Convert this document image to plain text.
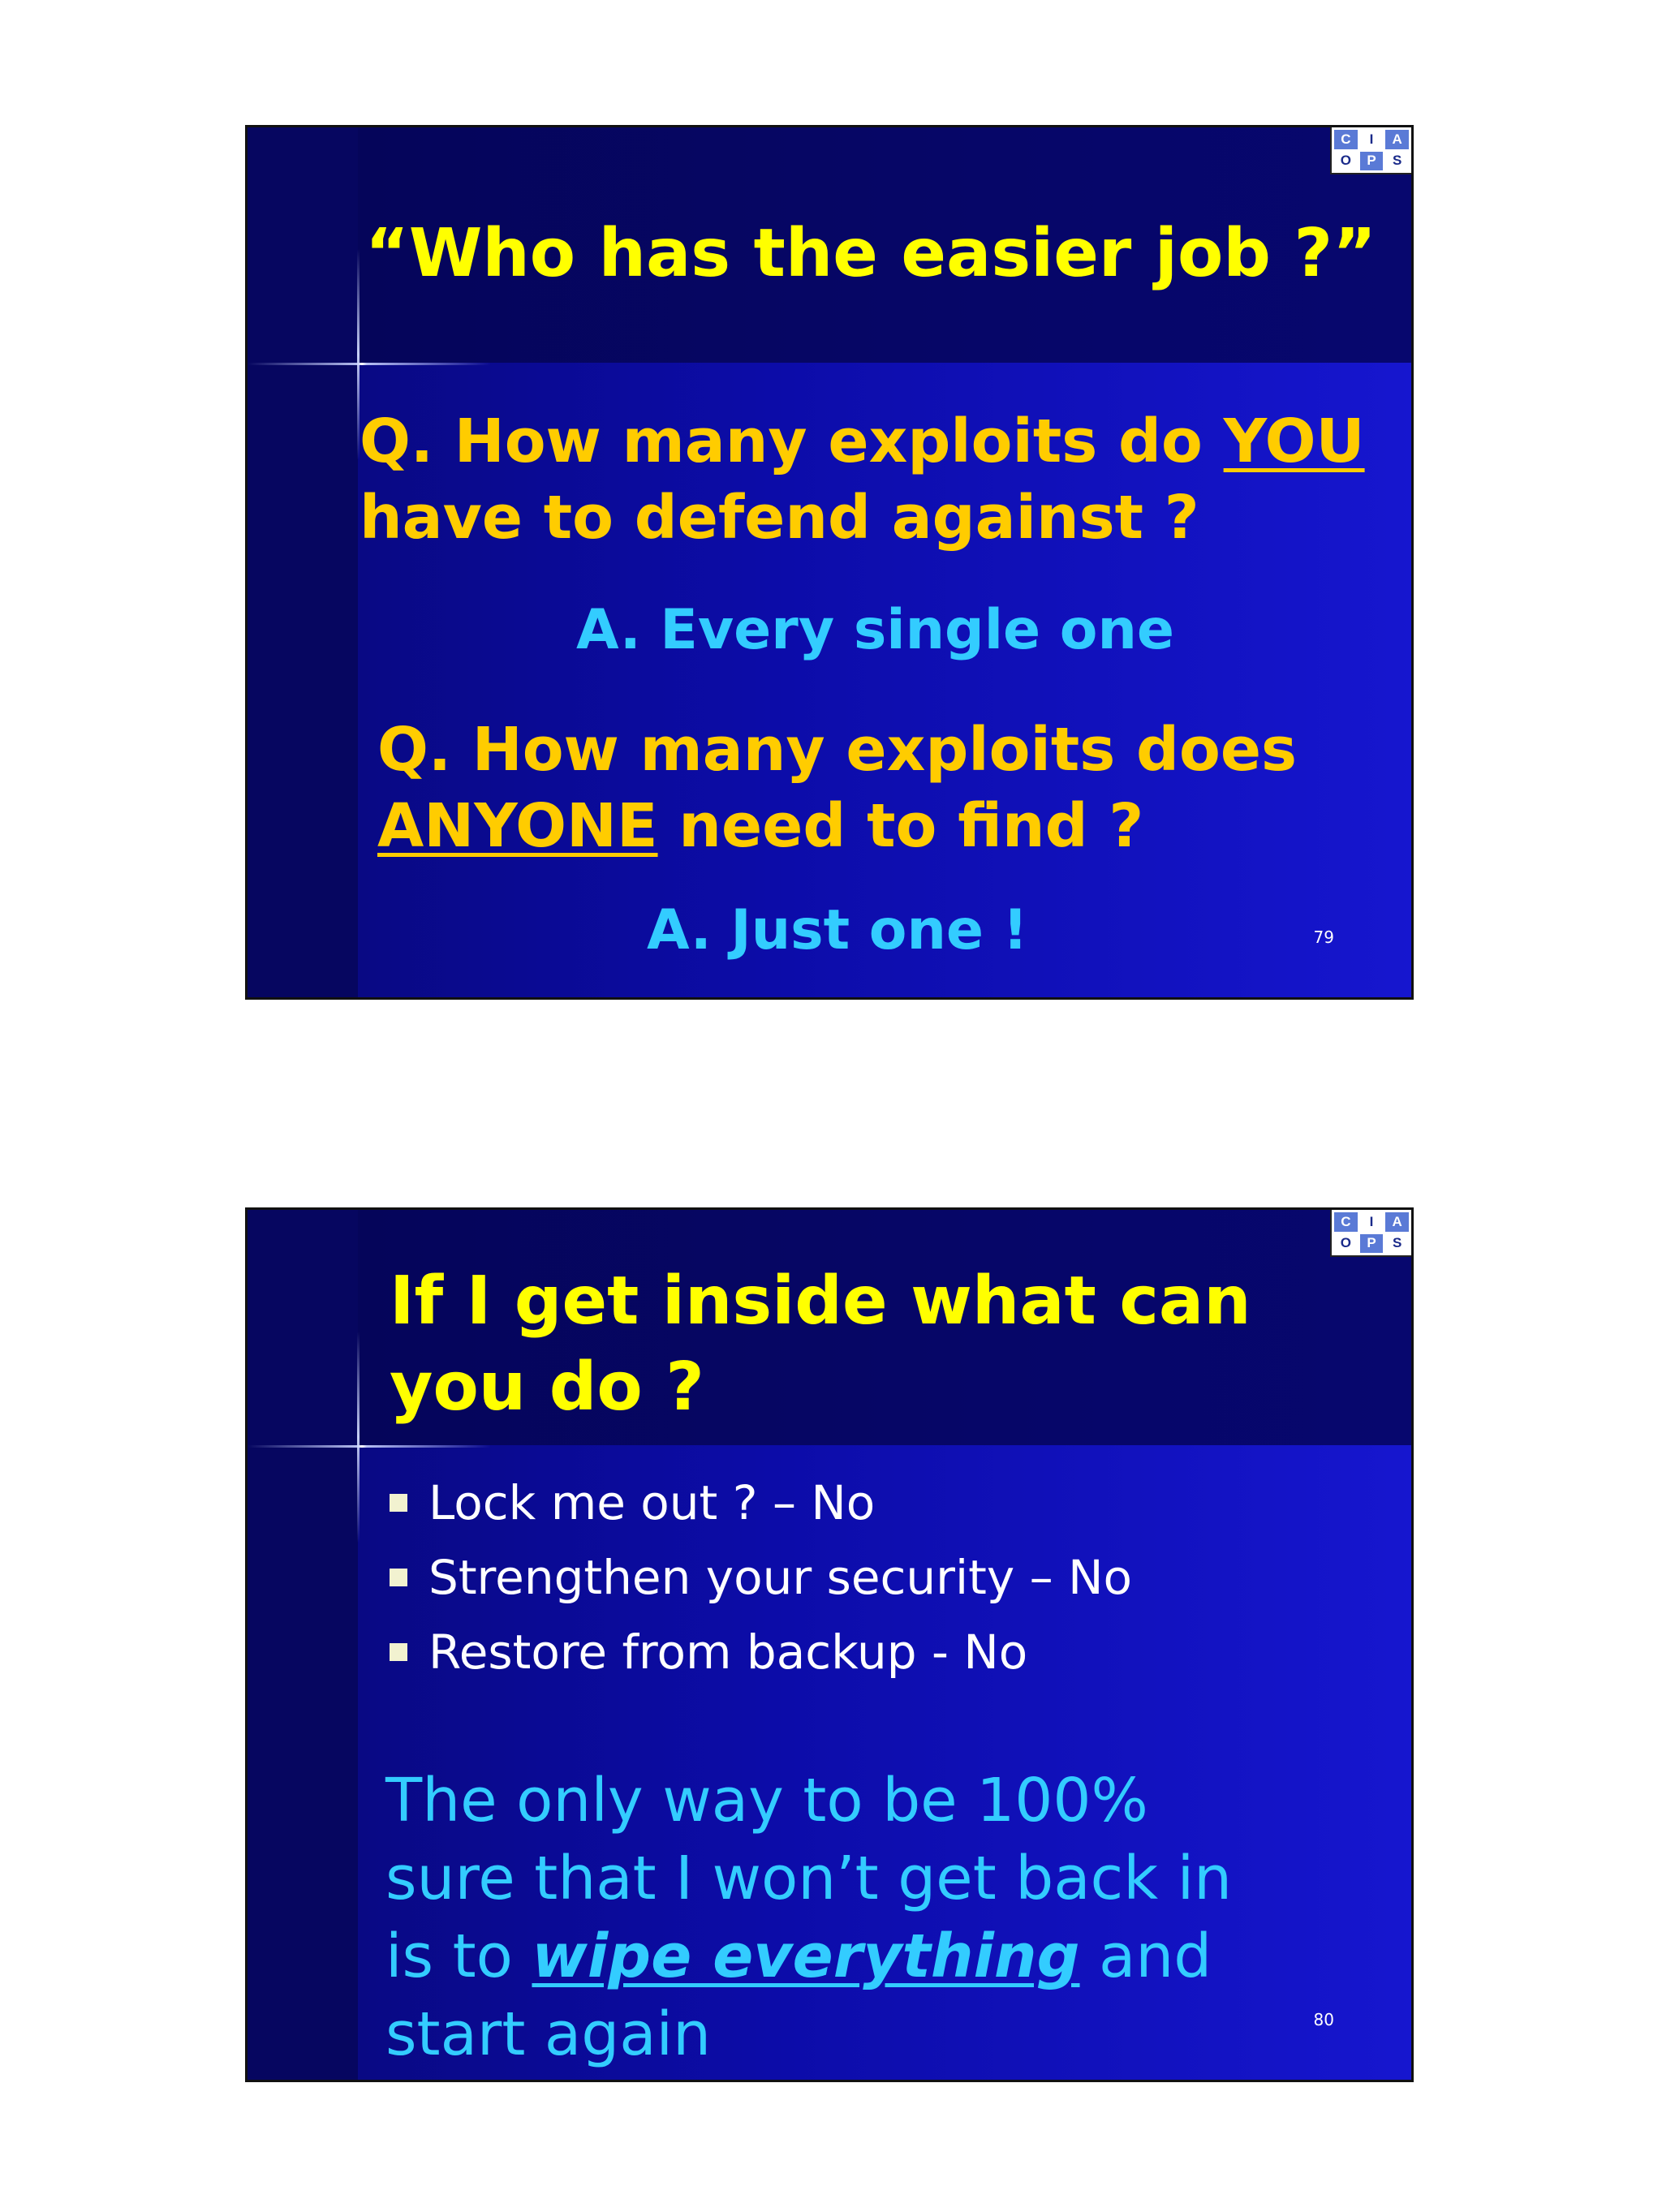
C	I	A
O	P	S
“Who has the easier job ?”

Q. How many exploits do YOU
have to defend against ?

A. Every single one

Q. How many exploits does
ANYONE need to find ?

A. Just one !	79
C	I	A
O	P	S
If I get inside what can
you do ?
Lock me out ? – No
Strengthen your security – No
Restore from backup - No

The only way to be 100% sure that I won’t get back in is to wipe everything and start again	80
